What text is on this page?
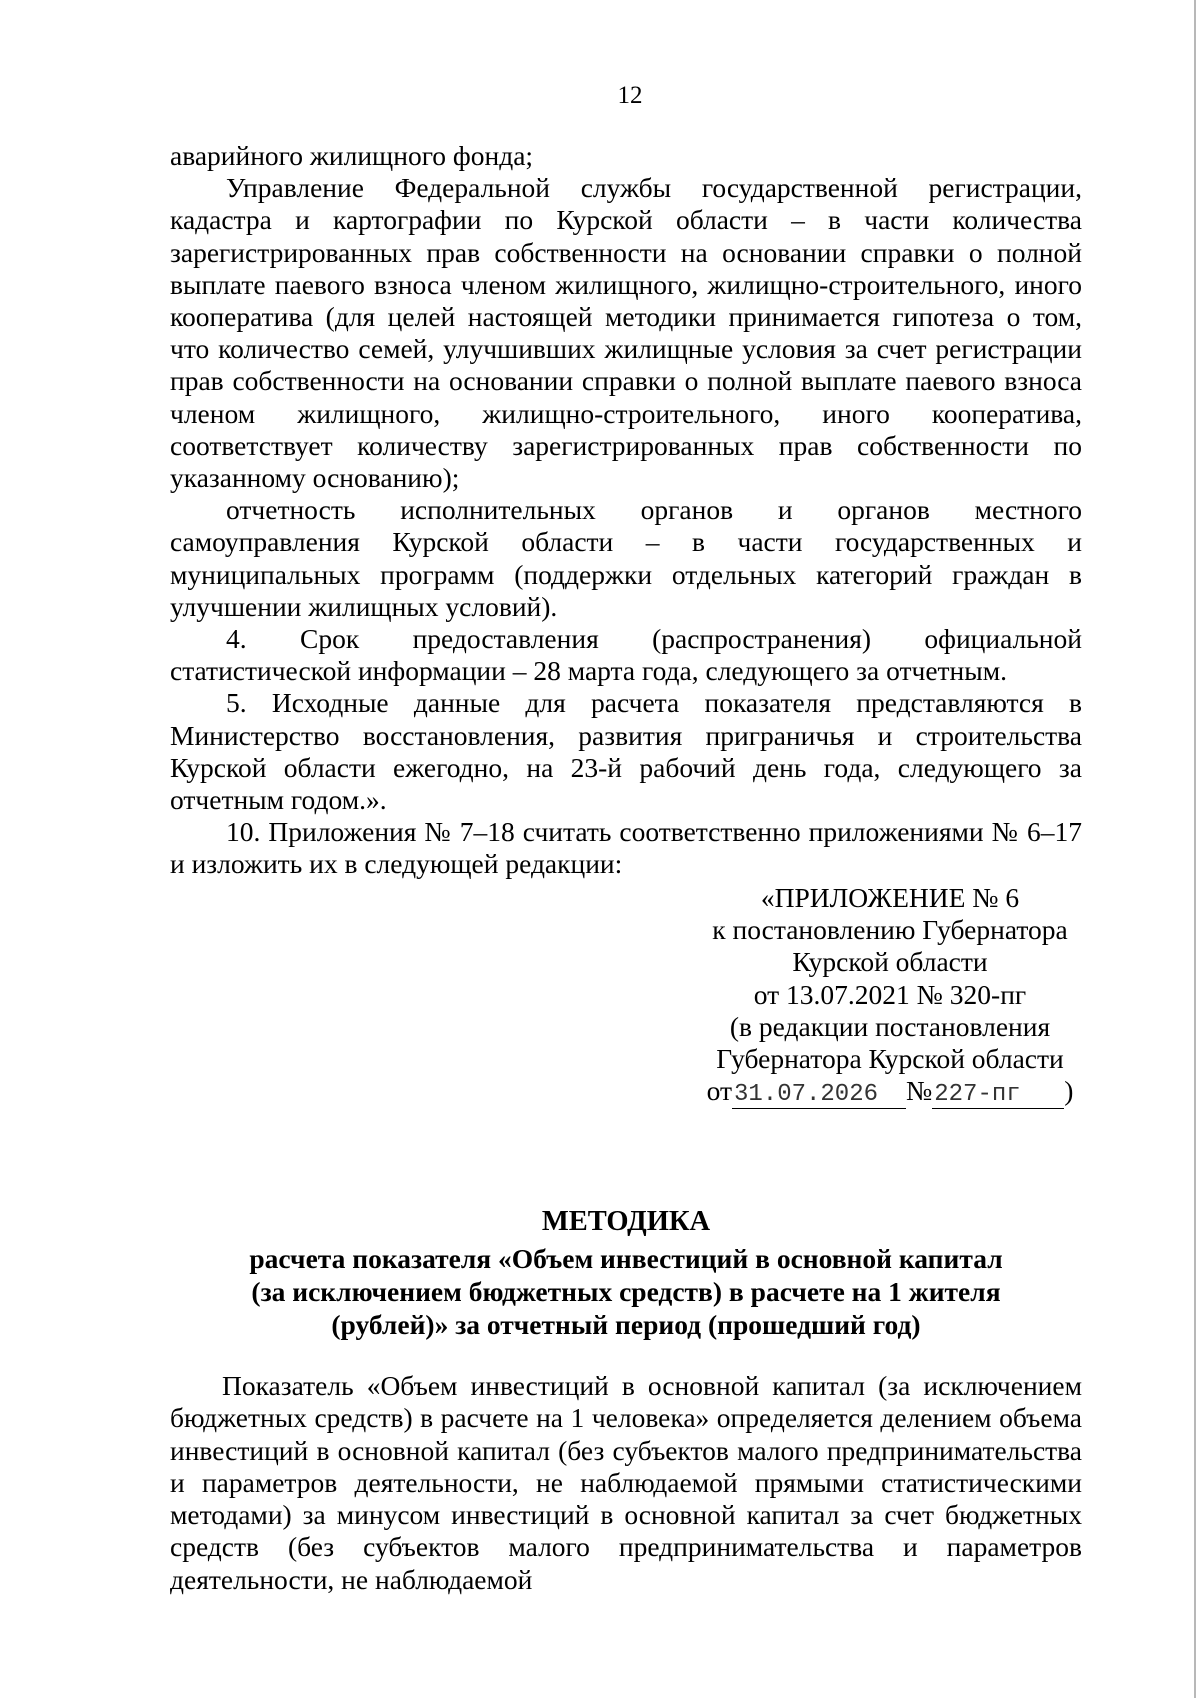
12

аварийного жилищного фонда;

Управление Федеральной службы государственной регистрации, кадастра и картографии по Курской области – в части количества зарегистрированных прав собственности на основании справки о полной выплате паевого взноса членом жилищного, жилищно-строительного, иного кооператива (для целей настоящей методики принимается гипотеза о том, что количество семей, улучшивших жилищные условия за счет регистрации прав собственности на основании справки о полной выплате паевого взноса членом жилищного, жилищно-строительного, иного кооператива, соответствует количеству зарегистрированных прав собственности по указанному основанию);

отчетность исполнительных органов и органов местного самоуправления Курской области – в части государственных и муниципальных программ (поддержки отдельных категорий граждан в улучшении жилищных условий).

4. Срок предоставления (распространения) официальной статистической информации – 28 марта года, следующего за отчетным.

5. Исходные данные для расчета показателя представляются в Министерство восстановления, развития приграничья и строительства Курской области ежегодно, на 23-й рабочий день года, следующего за отчетным годом.».

10. Приложения № 7–18 считать соответственно приложениями № 6–17 и изложить их в следующей редакции:

«ПРИЛОЖЕНИЕ № 6
к постановлению Губернатора
Курской области
от 13.07.2021 № 320-пг
(в редакции постановления
Губернатора Курской области
от31.07.2026 №227-пг )
МЕТОДИКА
расчета показателя «Объем инвестиций в основной капитал
(за исключением бюджетных средств) в расчете на 1 жителя
(рублей)» за отчетный период (прошедший год)

Показатель «Объем инвестиций в основной капитал (за исключением бюджетных средств) в расчете на 1 человека» определяется делением объема инвестиций в основной капитал (без субъектов малого предпринимательства и параметров деятельности, не наблюдаемой прямыми статистическими методами) за минусом инвестиций в основной капитал за счет бюджетных средств (без субъектов малого предпринимательства и параметров деятельности, не наблюдаемой
